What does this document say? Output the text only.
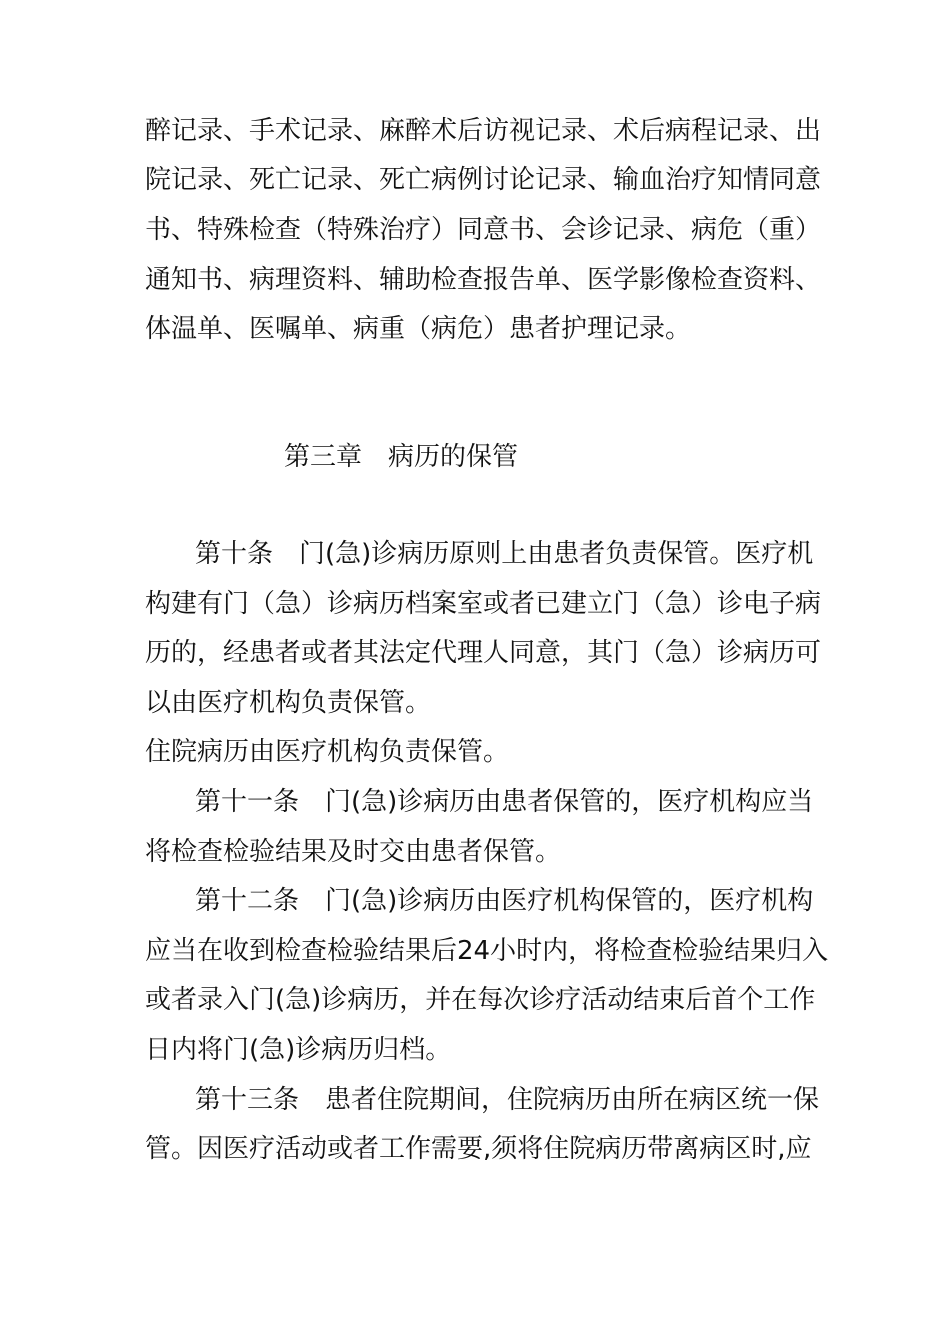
醉记录、手术记录、麻醉术后访视记录、术后病程记录、出
院记录、死亡记录、死亡病例讨论记录、输血治疗知情同意
书、特殊检查（特殊治疗）同意书、会诊记录、病危（重）
通知书、病理资料、辅助检查报告单、医学影像检查资料、
体温单、医嘱单、病重（病危）患者护理记录。
第三章　病历的保管
第十条　门(急)诊病历原则上由患者负责保管。医疗机
构建有门（急）诊病历档案室或者已建立门（急）诊电子病
历的，经患者或者其法定代理人同意，其门（急）诊病历可
以由医疗机构负责保管。
住院病历由医疗机构负责保管。
第十一条　门(急)诊病历由患者保管的，医疗机构应当
将检查检验结果及时交由患者保管。
第十二条　门(急)诊病历由医疗机构保管的，医疗机构
应当在收到检查检验结果后24小时内，将检查检验结果归入
或者录入门(急)诊病历，并在每次诊疗活动结束后首个工作
日内将门(急)诊病历归档。
第十三条　患者住院期间，住院病历由所在病区统一保
管。因医疗活动或者工作需要,须将住院病历带离病区时,应
